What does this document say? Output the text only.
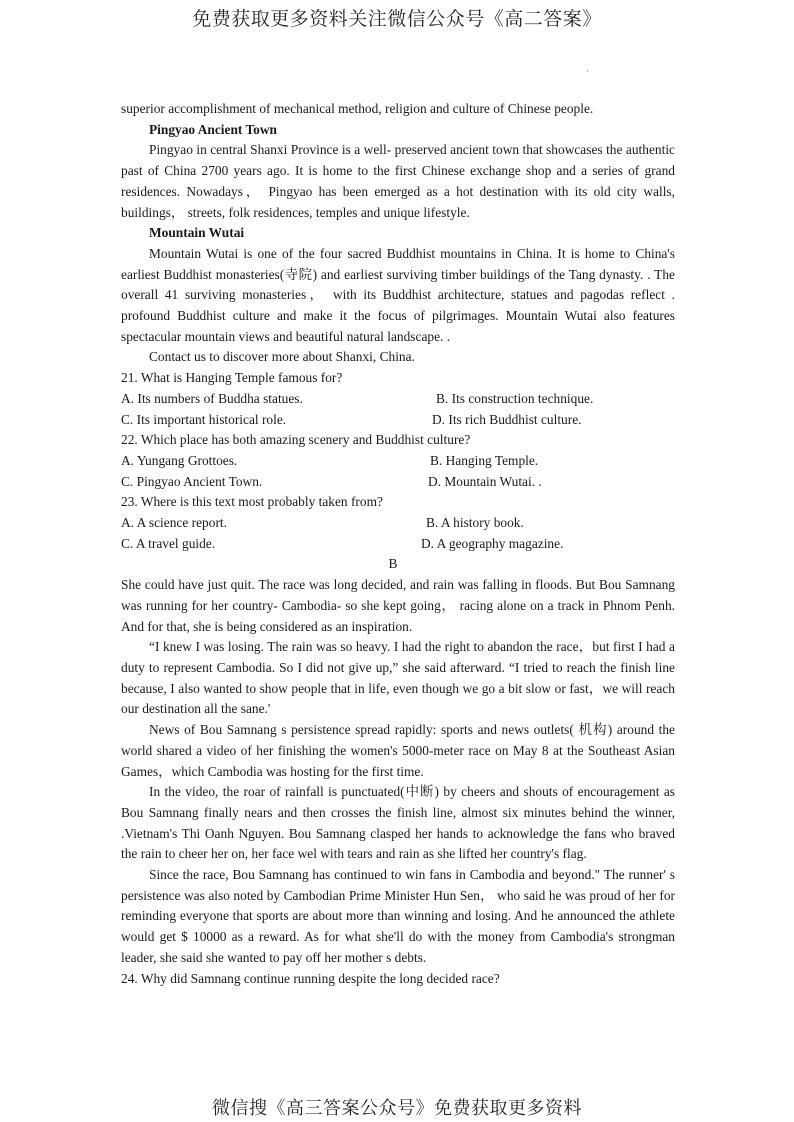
免费获取更多资料关注微信公众号《高二答案》
superior accomplishment of mechanical method, religion and culture of Chinese people.
Pingyao Ancient Town

Pingyao in central Shanxi Province is a well- preserved ancient town that showcases the authentic past of China 2700 years ago. It is home to the first Chinese exchange shop and a series of grand residences. Nowadays， Pingyao has been emerged as a hot destination with its old city walls, buildings， streets, folk residences, temples and unique lifestyle.

Mountain Wutai

Mountain Wutai is one of the four sacred Buddhist mountains in China. It is home to China's earliest Buddhist monasteries(寺院) and earliest surviving timber buildings of the Tang dynasty. . The overall 41 surviving monasteries， with its Buddhist architecture, statues and pagodas reflect . profound Buddhist culture and make it the focus of pilgrimages. Mountain Wutai also features spectacular mountain views and beautiful natural landscape. .

Contact us to discover more about Shanxi, China.
21. What is Hanging Temple famous for?
A. Its numbers of Buddha statues.	B. Its construction technique.
C. Its important historical role.	D. Its rich Buddhist culture.
22. Which place has both amazing scenery and Buddhist culture?
A. Yungang Grottoes.	B. Hanging Temple.
C. Pingyao Ancient Town.	D. Mountain Wutai. .
23. Where is this text most probably taken from?
A. A science report.	B. A history book.
C. A travel guide.	D. A geography magazine.
B

She could have just quit. The race was long decided, and rain was falling in floods. But Bou Samnang was running for her country- Cambodia- so she kept going， racing alone on a track in Phnom Penh. And for that, she is being considered as an inspiration.

“I knew I was losing. The rain was so heavy. I had the right to abandon the race，but first I had a duty to represent Cambodia. So I did not give up,” she said afterward. “I tried to reach the finish line because, I also wanted to show people that in life, even though we go a bit slow or fast，we will reach our destination all the sane.'

News of Bou Samnang s persistence spread rapidly: sports and news outlets( 机构) around the world shared a video of her finishing the women's 5000-meter race on May 8 at the Southeast Asian Games，which Cambodia was hosting for the first time.

In the video, the roar of rainfall is punctuated(中断) by cheers and shouts of encouragement as Bou Samnang finally nears and then crosses the finish line, almost six minutes behind the winner, .Vietnam's Thi Oanh Nguyen. Bou Samnang clasped her hands to acknowledge the fans who braved the rain to cheer her on, her face wel with tears and rain as she lifted her country's flag.

Since the race, Bou Samnang has continued to win fans in Cambodia and beyond." The runner' s persistence was also noted by Cambodian Prime Minister Hun Sen， who said he was proud of her for reminding everyone that sports are about more than winning and losing. And he announced the athlete would get $ 10000 as a reward. As for what she'll do with the money from Cambodia's strongman leader, she said she wanted to pay off her mother s debts.

24. Why did Samnang continue running despite the long decided race?
微信搜《高三答案公众号》免费获取更多资料
